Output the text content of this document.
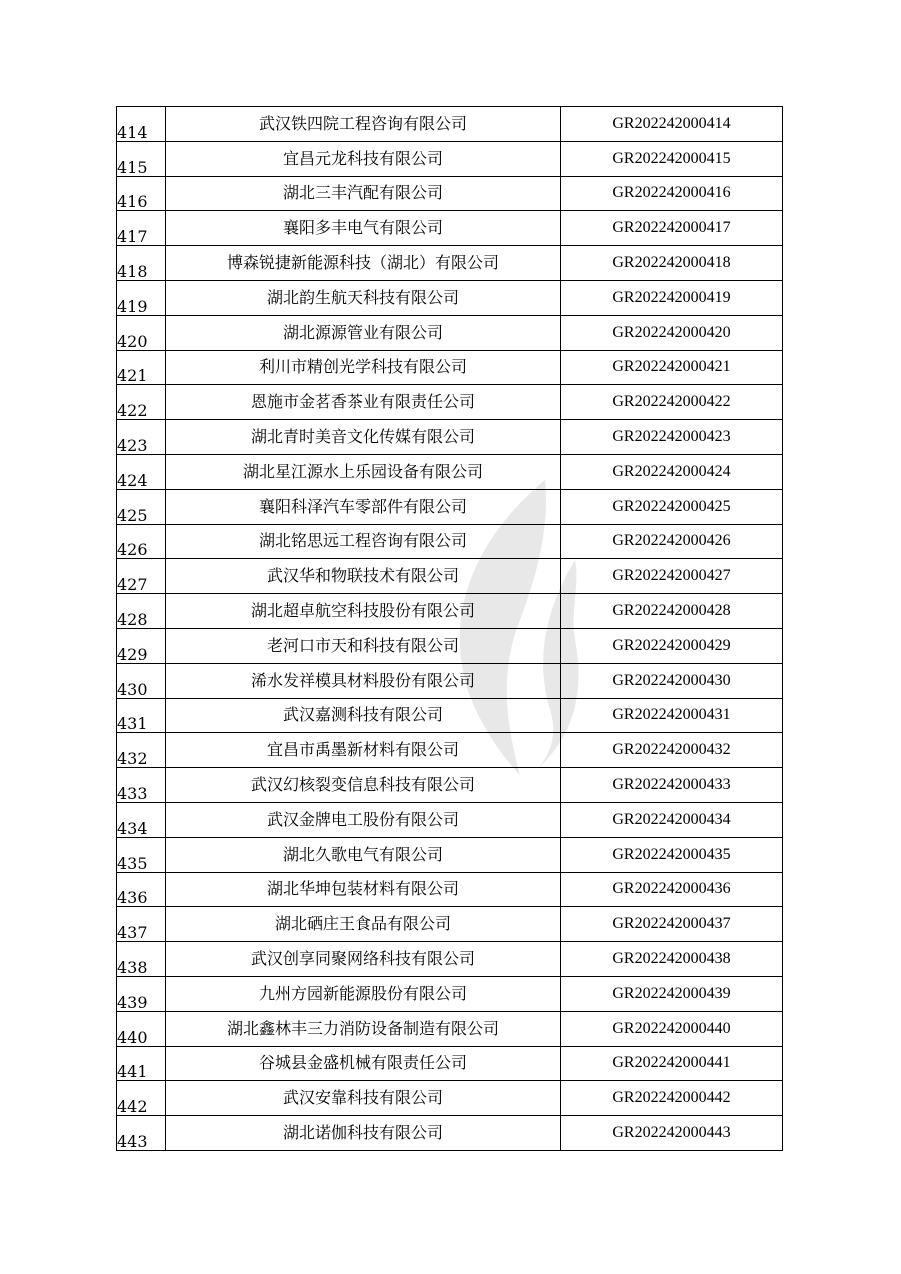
414	武汉铁四院工程咨询有限公司	GR202242000414
415	宜昌元龙科技有限公司	GR202242000415
416	湖北三丰汽配有限公司	GR202242000416
417	襄阳多丰电气有限公司	GR202242000417
418	博森锐捷新能源科技（湖北）有限公司	GR202242000418
419	湖北韵生航天科技有限公司	GR202242000419
420	湖北源源管业有限公司	GR202242000420
421	利川市精创光学科技有限公司	GR202242000421
422	恩施市金茗香茶业有限责任公司	GR202242000422
423	湖北青时美音文化传媒有限公司	GR202242000423
424	湖北星江源水上乐园设备有限公司	GR202242000424
425	襄阳科泽汽车零部件有限公司	GR202242000425
426	湖北铭思远工程咨询有限公司	GR202242000426
427	武汉华和物联技术有限公司	GR202242000427
428	湖北超卓航空科技股份有限公司	GR202242000428
429	老河口市天和科技有限公司	GR202242000429
430	浠水发祥模具材料股份有限公司	GR202242000430
431	武汉嘉测科技有限公司	GR202242000431
432	宜昌市禹墨新材料有限公司	GR202242000432
433	武汉幻核裂变信息科技有限公司	GR202242000433
434	武汉金牌电工股份有限公司	GR202242000434
435	湖北久歌电气有限公司	GR202242000435
436	湖北华坤包装材料有限公司	GR202242000436
437	湖北硒庄王食品有限公司	GR202242000437
438	武汉创享同聚网络科技有限公司	GR202242000438
439	九州方园新能源股份有限公司	GR202242000439
440	湖北鑫林丰三力消防设备制造有限公司	GR202242000440
441	谷城县金盛机械有限责任公司	GR202242000441
442	武汉安靠科技有限公司	GR202242000442
443	湖北诺伽科技有限公司	GR202242000443
